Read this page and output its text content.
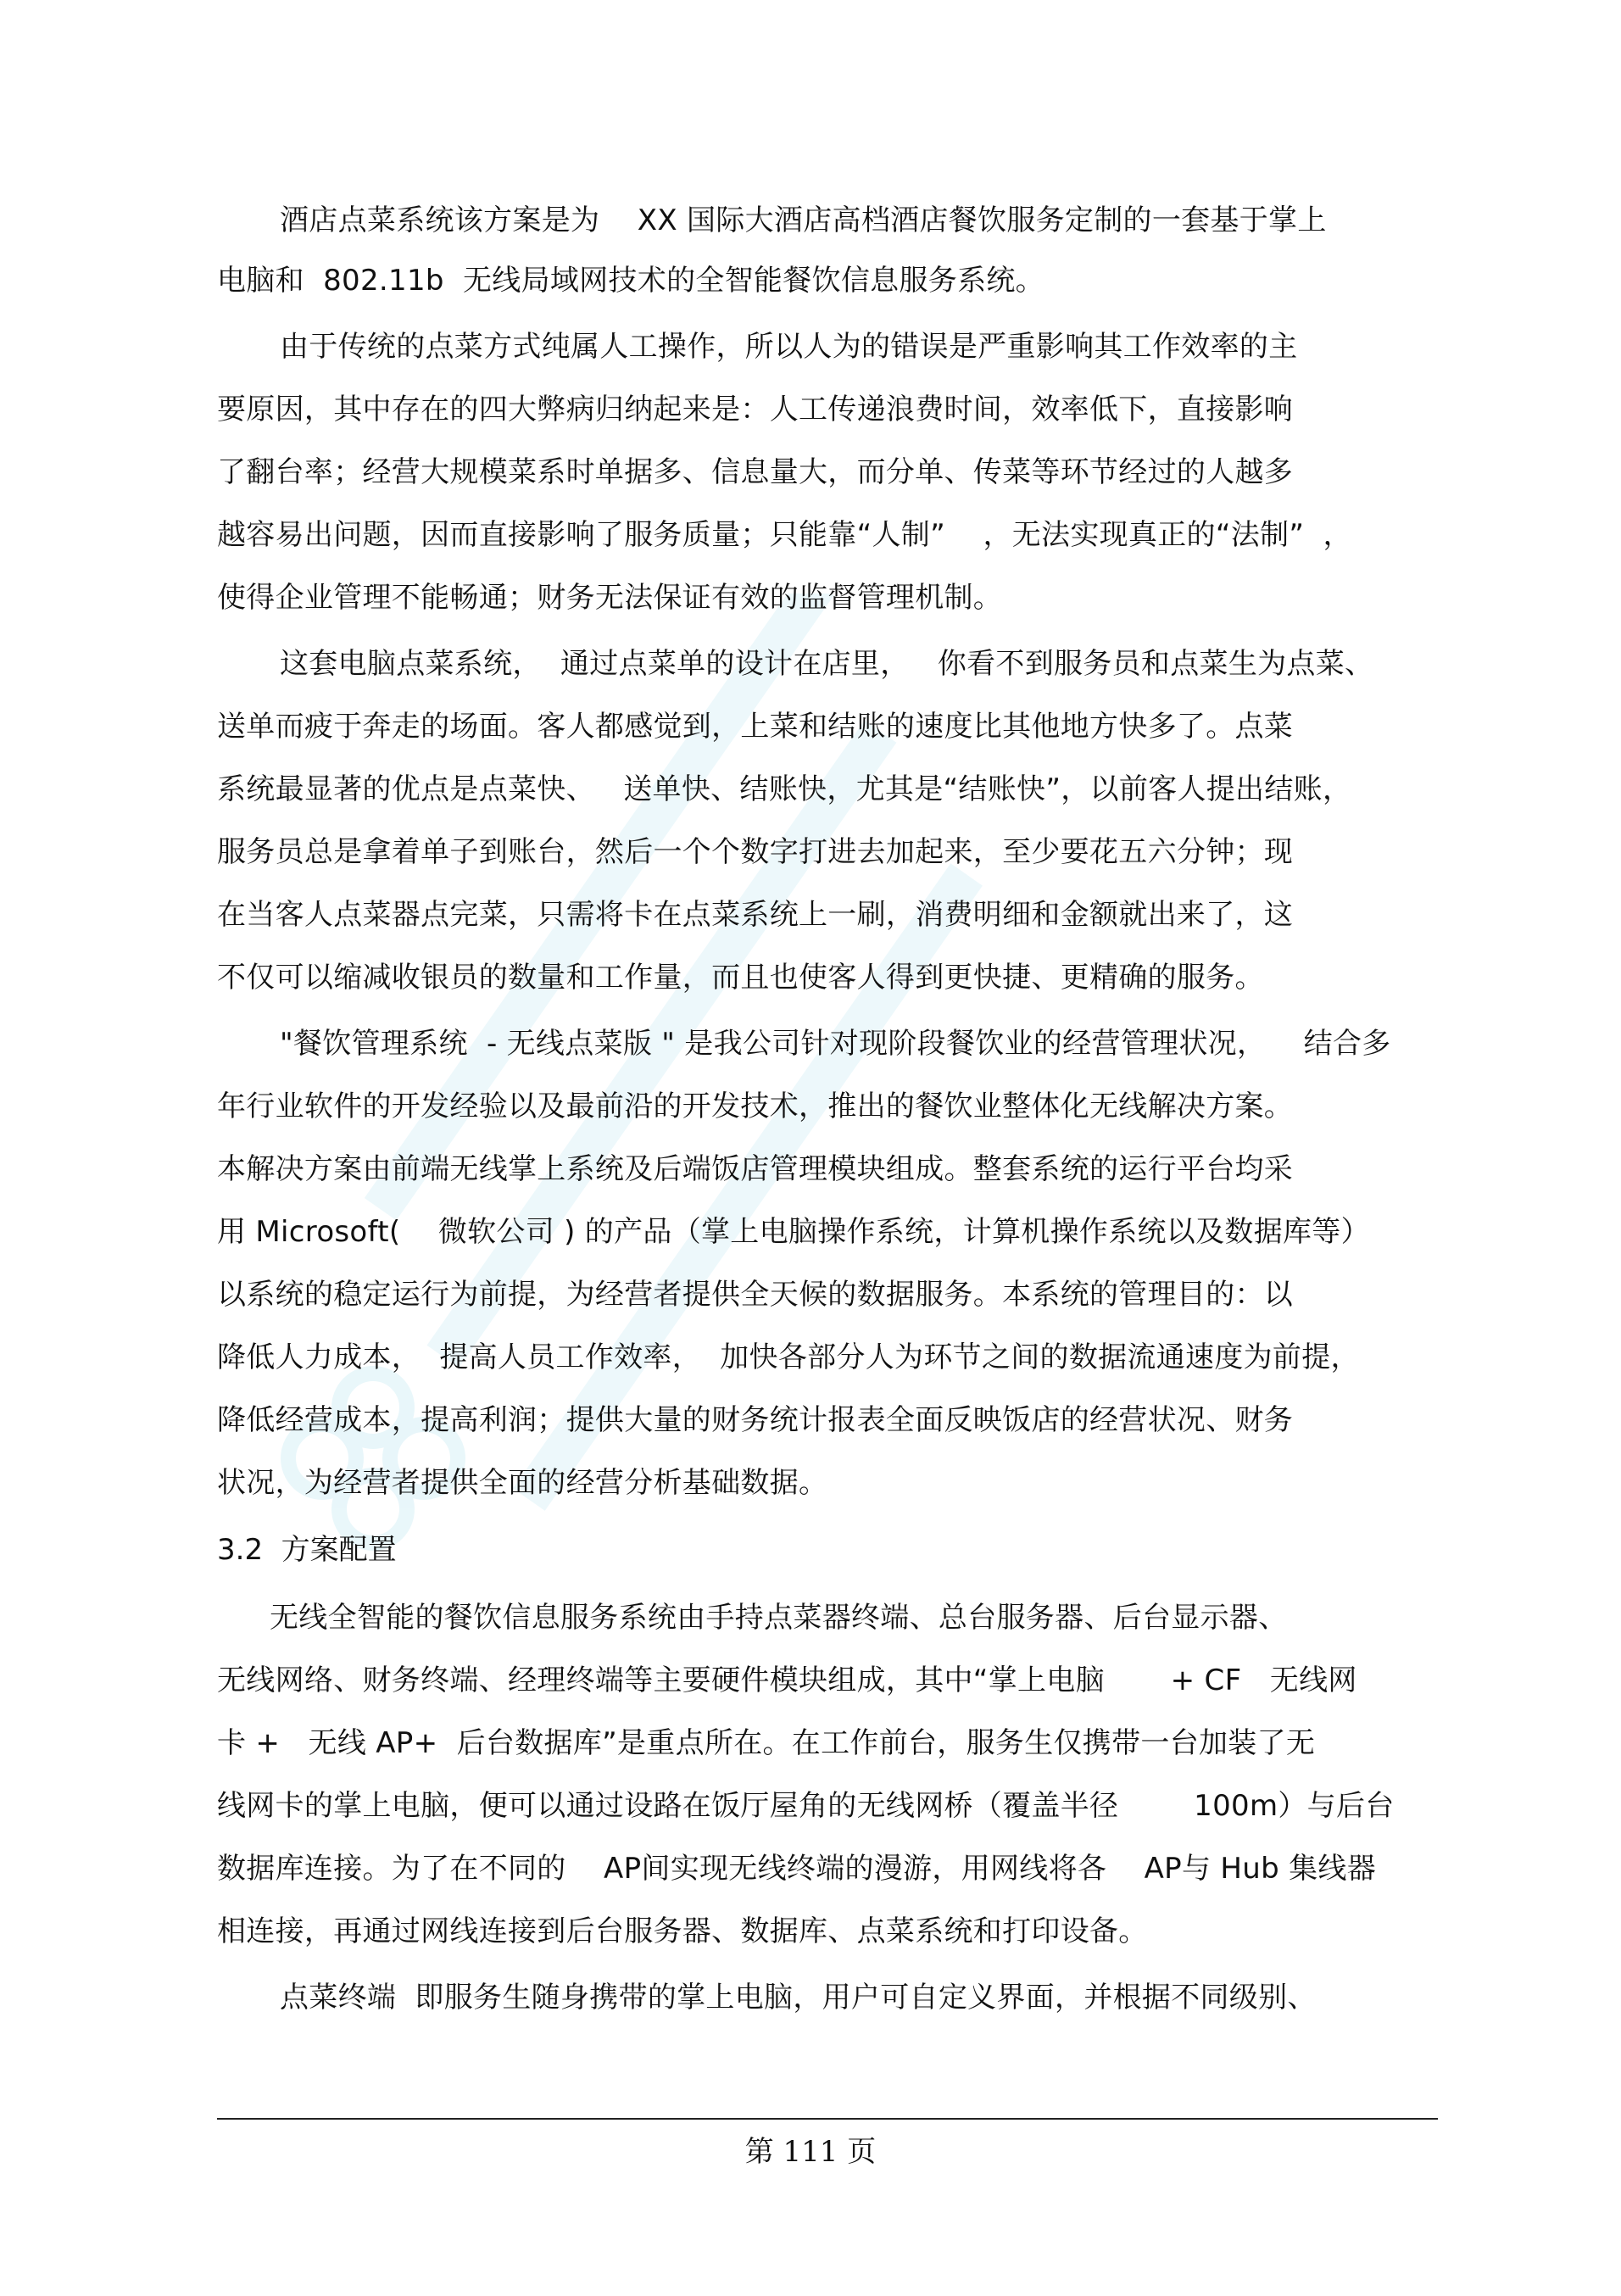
酒店点菜系统该方案是为    XX 国际大酒店高档酒店餐饮服务定制的一套基于掌上
电脑和  802.11b  无线局域网技术的全智能餐饮信息服务系统。
由于传统的点菜方式纯属人工操作，所以人为的错误是严重影响其工作效率的主
要原因，其中存在的四大弊病归纳起来是：人工传递浪费时间，效率低下，直接影响
了翻台率；经营大规模菜系时单据多、信息量大，而分单、传菜等环节经过的人越多
越容易出问题，因而直接影响了服务质量；只能靠“人制”    ，无法实现真正的“法制”  ，
使得企业管理不能畅通；财务无法保证有效的监督管理机制。
这套电脑点菜系统，  通过点菜单的设计在店里，   你看不到服务员和点菜生为点菜、
送单而疲于奔走的场面。客人都感觉到，上菜和结账的速度比其他地方快多了。点菜
系统最显著的优点是点菜快、   送单快、结账快，尤其是“结账快”，以前客人提出结账，
服务员总是拿着单子到账台，然后一个个数字打进去加起来，至少要花五六分钟；现
在当客人点菜器点完菜，只需将卡在点菜系统上一刷，消费明细和金额就出来了，这
不仅可以缩减收银员的数量和工作量，而且也使客人得到更快捷、更精确的服务。
"餐饮管理系统  - 无线点菜版 " 是我公司针对现阶段餐饮业的经营管理状况，    结合多
年行业软件的开发经验以及最前沿的开发技术，推出的餐饮业整体化无线解决方案。
本解决方案由前端无线掌上系统及后端饭店管理模块组成。整套系统的运行平台均采
用 Microsoft(    微软公司 ) 的产品（掌上电脑操作系统，计算机操作系统以及数据库等）
以系统的稳定运行为前提，为经营者提供全天候的数据服务。本系统的管理目的：以
降低人力成本，  提高人员工作效率，  加快各部分人为环节之间的数据流通速度为前提，
降低经营成本，提高利润；提供大量的财务统计报表全面反映饭店的经营状况、财务
状况，为经营者提供全面的经营分析基础数据。
3.2  方案配置
无线全智能的餐饮信息服务系统由手持点菜器终端、总台服务器、后台显示器、
无线网络、财务终端、经理终端等主要硬件模块组成，其中“掌上电脑       + CF   无线网
卡 +   无线 AP+  后台数据库”是重点所在。在工作前台，服务生仅携带一台加装了无
线网卡的掌上电脑，便可以通过设路在饭厅屋角的无线网桥（覆盖半径        100m）与后台
数据库连接。为了在不同的    AP间实现无线终端的漫游，用网线将各    AP与 Hub 集线器
相连接，再通过网线连接到后台服务器、数据库、点菜系统和打印设备。
点菜终端  即服务生随身携带的掌上电脑，用户可自定义界面，并根据不同级别、
第 111 页
